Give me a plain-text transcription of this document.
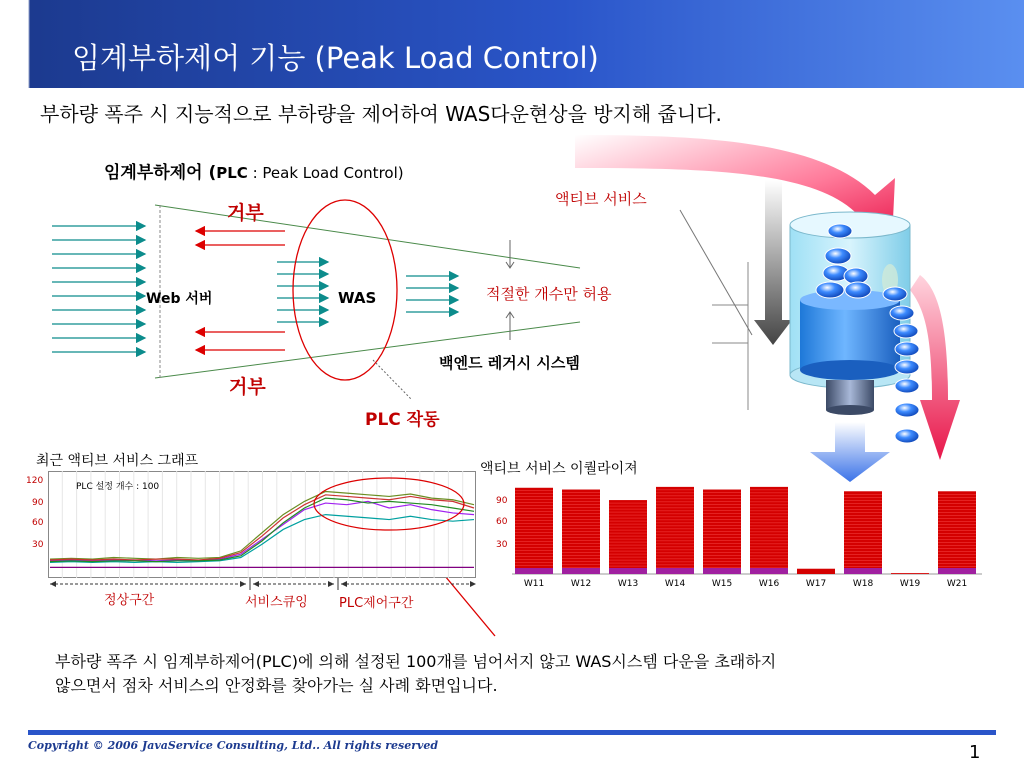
임계부하제어 기능 (Peak Load Control)
부하량 폭주 시 지능적으로 부하량을 제어하여 WAS다운현상을 방지해 줍니다.
임계부하제어 (PLC : Peak Load Control)
거부
거부
Web 서버	WAS	적절한 개수만 허용
백엔드 레거시 시스템
PLC 작동
액티브 서비스
최근 액티브 서비스 그래프
PLC 설정 개수 : 100
120
90
60
30
정상구간	서비스큐잉 PLC제어구간
액티브 서비스 이퀄라이져
90
60
30
W11	W12	W13	W14	W15	W16	W17	W18	W19	W21
부하량 폭주 시 임계부하제어(PLC)에 의해 설정된 100개를 넘어서지 않고 WAS시스템 다운을 초래하지
않으면서 점차 서비스의 안정화를 찾아가는 실 사례 화면입니다.
Copyright © 2006 JavaService Consulting, Ltd.. All rights reserved	1
